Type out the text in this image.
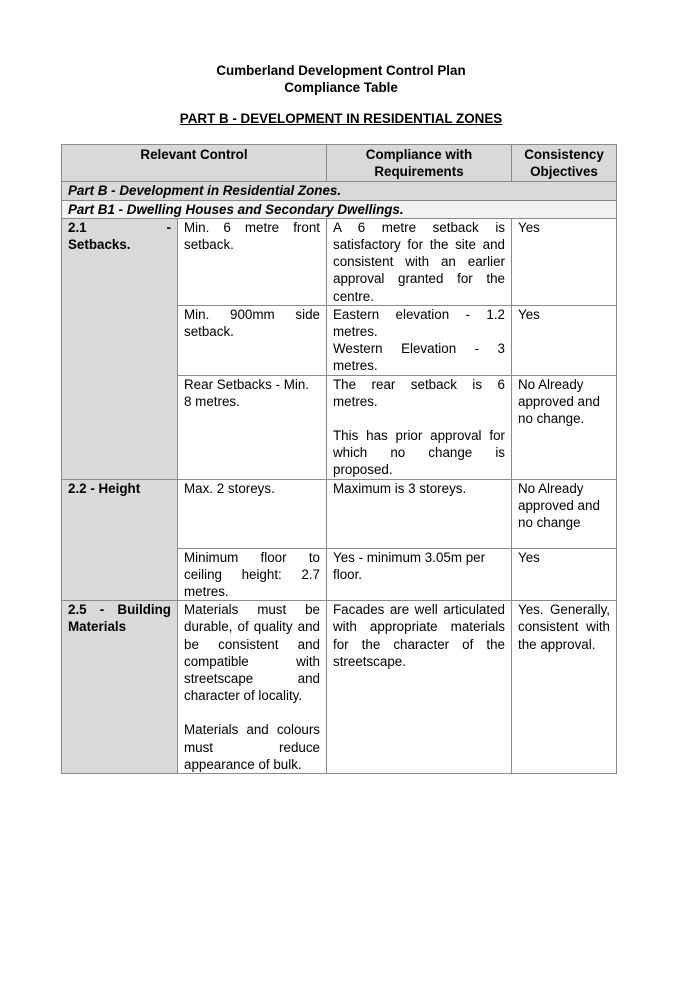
Cumberland Development Control Plan
Compliance Table
PART B - DEVELOPMENT IN RESIDENTIAL ZONES
Relevant Control		Compliance with Requirements	Consistency Objectives
Part B - Development in Residential Zones.			
Part B1 - Dwelling Houses and Secondary Dwellings.			

2.1 -
Setbacks.	Min. 6 metre front setback.	A 6 metre setback is satisfactory for the site and consistent with an earlier approval granted for the centre.	Yes
	Min. 900mm side setback.	Eastern elevation - 1.2 metres.
Western Elevation - 3 metres.	Yes
	Rear Setbacks - Min. 8 metres.	The rear setback is 6 metres.
This has prior approval for which no change is proposed.	No Already approved and no change.
2.2 - Height	Max. 2 storeys.	Maximum is 3 storeys.	No Already approved and no change
	Minimum floor to ceiling height: 2.7 metres.	Yes - minimum 3.05m per floor.	Yes
2.5 - Building Materials	Materials must be durable, of quality and be consistent and compatible with streetscape and character of locality.
Materials and colours must reduce appearance of bulk.	Facades are well articulated with appropriate materials for the character of the streetscape.	Yes. Generally, consistent with the approval.
